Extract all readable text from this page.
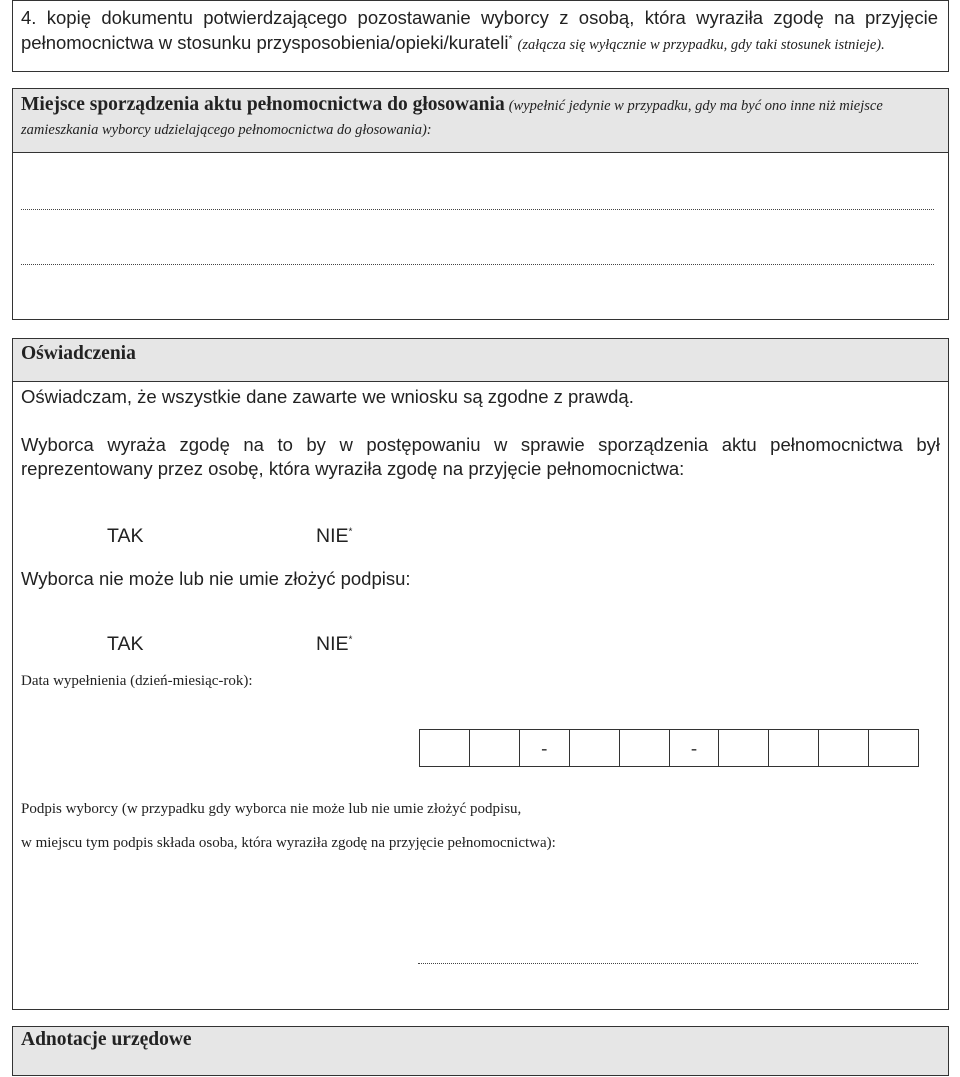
4. kopię dokumentu potwierdzającego pozostawanie wyborcy z osobą, która wyraziła zgodę na przyjęcie pełnomocnictwa w stosunku przysposobienia/opieki/kurateli* (załącza się wyłącznie w przypadku, gdy taki stosunek istnieje).
Miejsce sporządzenia aktu pełnomocnictwa do głosowania (wypełnić jedynie w przypadku, gdy ma być ono inne niż miejsce zamieszkania wyborcy udzielającego pełnomocnictwa do głosowania):
Oświadczenia
Oświadczam, że wszystkie dane zawarte we wniosku są zgodne z prawdą.
Wyborca wyraża zgodę na to by w postępowaniu w sprawie sporządzenia aktu pełnomocnictwa był reprezentowany przez osobę, która wyraziła zgodę na przyjęcie pełnomocnictwa:
TAK	NIE*
Wyborca nie może lub nie umie złożyć podpisu:
TAK	NIE*
Data wypełnienia (dzień-miesiąc-rok):
-	-
Podpis wyborcy (w przypadku gdy wyborca nie może lub nie umie złożyć podpisu,
w miejscu tym podpis składa osoba, która wyraziła zgodę na przyjęcie pełnomocnictwa):
Adnotacje urzędowe
